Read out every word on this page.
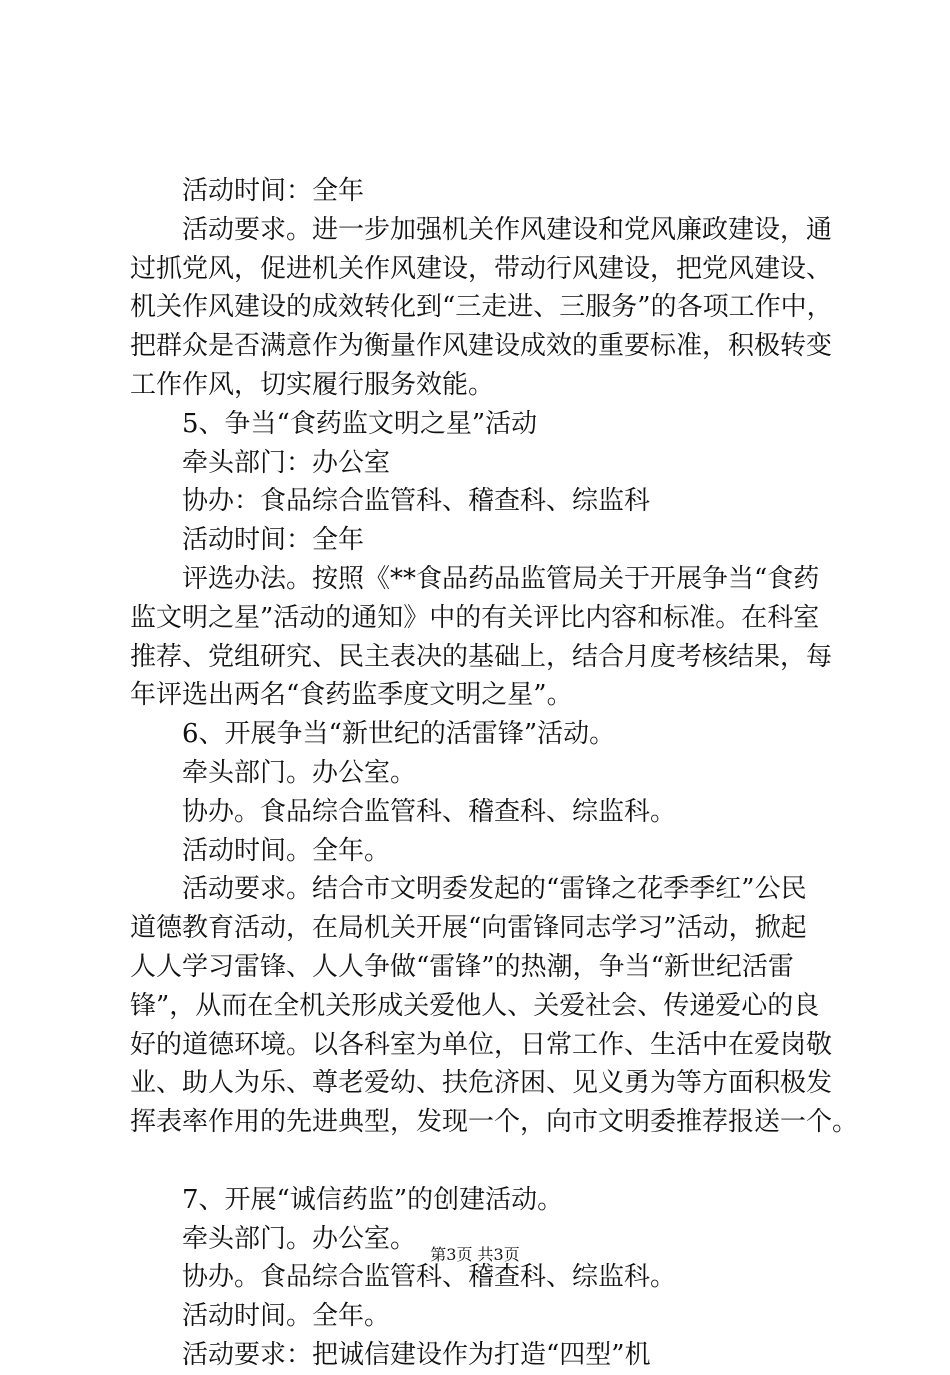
活动时间：全年
活动要求。进一步加强机关作风建设和党风廉政建设，通
过抓党风，促进机关作风建设，带动行风建设，把党风建设、
机关作风建设的成效转化到“三走进、三服务”的各项工作中，
把群众是否满意作为衡量作风建设成效的重要标准，积极转变
工作作风，切实履行服务效能。
5、争当“食药监文明之星”活动
牵头部门：办公室
协办：食品综合监管科、稽查科、综监科
活动时间：全年
评选办法。按照《**食品药品监管局关于开展争当“食药
监文明之星”活动的通知》中的有关评比内容和标准。在科室
推荐、党组研究、民主表决的基础上，结合月度考核结果，每
年评选出两名“食药监季度文明之星”。
6、开展争当“新世纪的活雷锋”活动。
牵头部门。办公室。
协办。食品综合监管科、稽查科、综监科。
活动时间。全年。
活动要求。结合市文明委发起的“雷锋之花季季红”公民
道德教育活动，在局机关开展“向雷锋同志学习”活动，掀起
人人学习雷锋、人人争做“雷锋”的热潮，争当“新世纪活雷
锋”，从而在全机关形成关爱他人、关爱社会、传递爱心的良
好的道德环境。以各科室为单位，日常工作、生活中在爱岗敬
业、助人为乐、尊老爱幼、扶危济困、见义勇为等方面积极发
挥表率作用的先进典型，发现一个，向市文明委推荐报送一个。
7、开展“诚信药监”的创建活动。
牵头部门。办公室。
协办。食品综合监管科、稽查科、综监科。
活动时间。全年。
活动要求：把诚信建设作为打造“四型”机
第3页 共3页
